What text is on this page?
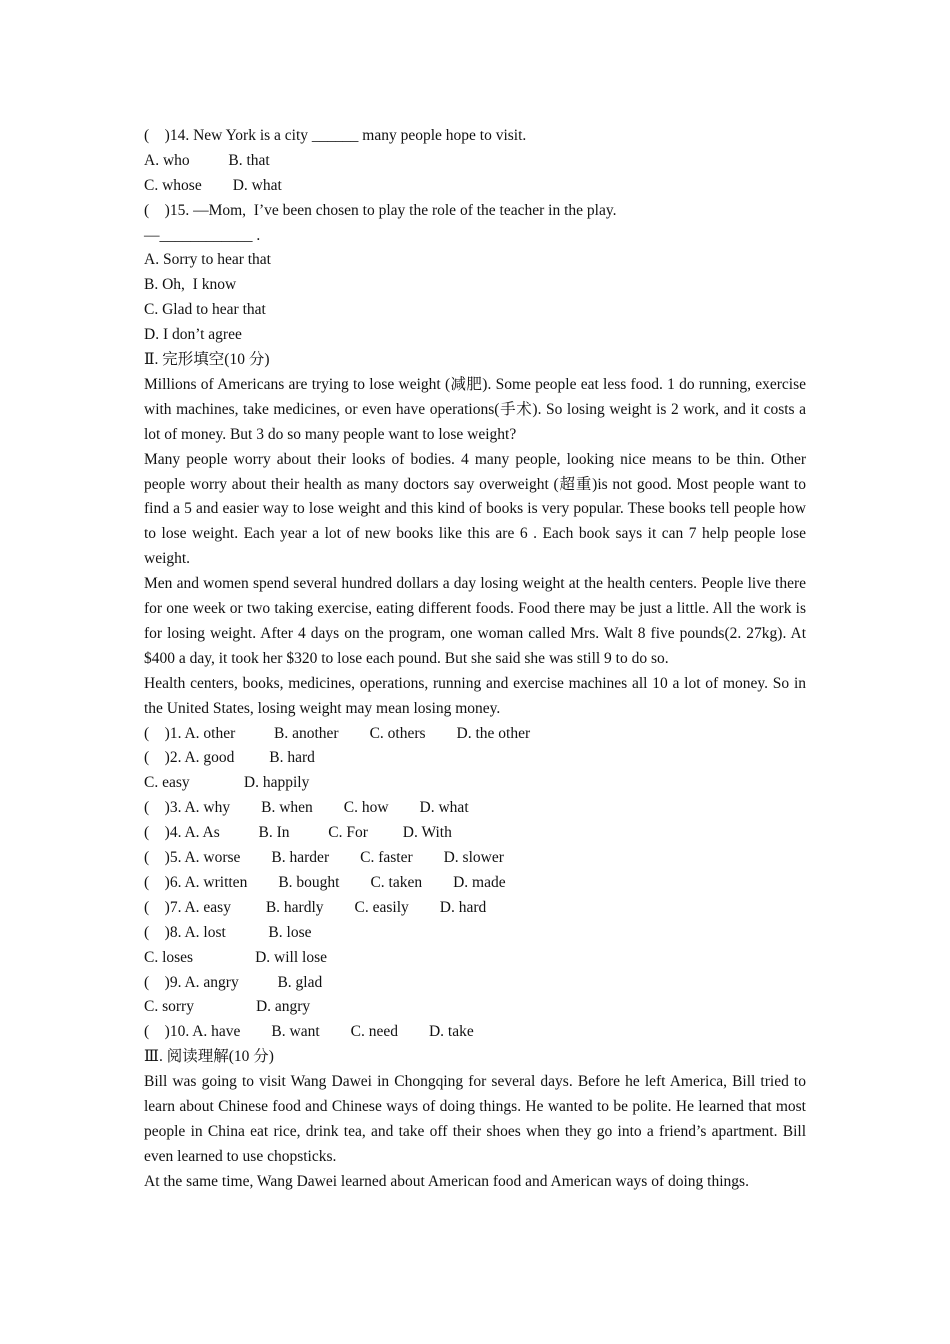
(    )14. New York is a city ______ many people hope to visit.
A. who          B. that
C. whose        D. what
(    )15. —Mom,  I’ve been chosen to play the role of the teacher in the play.
—____________ .
A. Sorry to hear that
B. Oh,  I know
C. Glad to hear that
D. I don’t agree
Ⅱ. 完形填空(10 分)
Millions of Americans are trying to lose weight (减肥). Some people eat less food. 1 do running, exercise with machines, take medicines, or even have operations(手术). So losing weight is 2 work, and it costs a lot of money. But 3 do so many people want to lose weight?
Many people worry about their looks of bodies. 4 many people, looking nice means to be thin. Other people worry about their health as many doctors say overweight (超重)is not good. Most people want to find a 5 and easier way to lose weight and this kind of books is very popular. These books tell people how to lose weight. Each year a lot of new books like this are 6 . Each book says it can 7 help people lose weight.
Men and women spend several hundred dollars a day losing weight at the health centers. People live there for one week or two taking exercise, eating different foods. Food there may be just a little. All the work is for losing weight. After 4 days on the program, one woman called Mrs. Walt 8 five pounds(2. 27kg). At $400 a day, it took her $320 to lose each pound. But she said she was still 9 to do so.
Health centers, books, medicines, operations, running and exercise machines all 10 a lot of money. So in the United States, losing weight may mean losing money.
(    )1. A. other          B. another        C. others        D. the other
(    )2. A. good         B. hard
C. easy              D. happily
(    )3. A. why        B. when        C. how        D. what
(    )4. A. As          B. In          C. For         D. With
(    )5. A. worse        B. harder        C. faster        D. slower
(    )6. A. written        B. bought        C. taken        D. made
(    )7. A. easy         B. hardly        C. easily        D. hard
(    )8. A. lost           B. lose
C. loses                D. will lose
(    )9. A. angry          B. glad
C. sorry                D. angry
(    )10. A. have        B. want        C. need        D. take
Ⅲ. 阅读理解(10 分)
Bill was going to visit Wang Dawei in Chongqing for several days. Before he left America, Bill tried to learn about Chinese food and Chinese ways of doing things. He wanted to be polite. He learned that most people in China eat rice, drink tea, and take off their shoes when they go into a friend’s apartment. Bill even learned to use chopsticks.
At the same time, Wang Dawei learned about American food and American ways of doing things.
